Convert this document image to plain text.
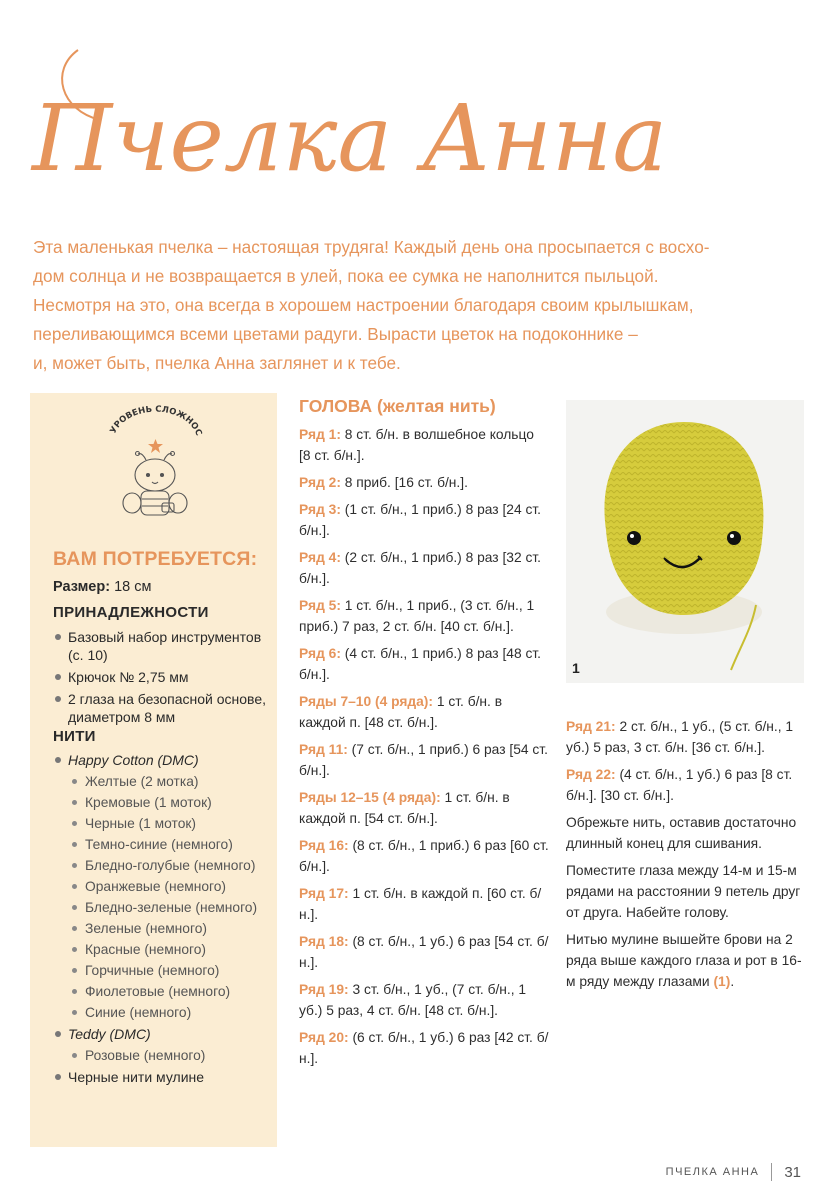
Пчелка Анна

Эта маленькая пчелка – настоящая трудяга! Каждый день она просыпается с восхо-

дом солнца и не возвращается в улей, пока ее сумка не наполнится пыльцой.

Несмотря на это, она всегда в хорошем настроении благодаря своим крылышкам,

переливающимся всеми цветами радуги. Вырасти цветок на подоконнике –

и, может быть, пчелка Анна заглянет и к тебе.

УРОВЕНЬ СЛОЖНОС
ВАМ ПОТРЕБУЕТСЯ:
Размер: 18 см
ПРИНАДЛЕЖНОСТИ
Базовый набор инструментов (с. 10)
Крючок № 2,75 мм
2 глаза на безопасной основе, диаметром 8 мм
НИТИ
Happy Cotton (DMC)
Желтые (2 мотка)
Кремовые (1 моток)
Черные (1 моток)
Темно-синие (немного)
Бледно-голубые (немного)
Оранжевые (немного)
Бледно-зеленые (немного)
Зеленые (немного)
Красные (немного)
Горчичные (немного)
Фиолетовые (немного)
Синие (немного)
Teddy (DMC)
Розовые (немного)
Черные нити мулине
ГОЛОВА (желтая нить)

Ряд 1: 8 ст. б/н. в волшебное кольцо [8 ст. б/н.].

Ряд 2: 8 приб. [16 ст. б/н.].

Ряд 3: (1 ст. б/н., 1 приб.) 8 раз [24 ст. б/н.].

Ряд 4: (2 ст. б/н., 1 приб.) 8 раз [32 ст. б/н.].

Ряд 5: 1 ст. б/н., 1 приб., (3 ст. б/н., 1 приб.) 7 раз, 2 ст. б/н. [40 ст. б/н.].

Ряд 6: (4 ст. б/н., 1 приб.) 8 раз [48 ст. б/н.].

Ряды 7–10 (4 ряда): 1 ст. б/н. в каждой п. [48 ст. б/н.].

Ряд 11: (7 ст. б/н., 1 приб.) 6 раз [54 ст. б/н.].

Ряды 12–15 (4 ряда): 1 ст. б/н. в каждой п. [54 ст. б/н.].

Ряд 16: (8 ст. б/н., 1 приб.) 6 раз [60 ст. б/н.].

Ряд 17: 1 ст. б/н. в каждой п. [60 ст. б/н.].

Ряд 18: (8 ст. б/н., 1 уб.) 6 раз [54 ст. б/н.].

Ряд 19: 3 ст. б/н., 1 уб., (7 ст. б/н., 1 уб.) 5 раз, 4 ст. б/н. [48 ст. б/н.].

Ряд 20: (6 ст. б/н., 1 уб.) 6 раз [42 ст. б/н.].

1

Ряд 21: 2 ст. б/н., 1 уб., (5 ст. б/н., 1 уб.) 5 раз, 3 ст. б/н. [36 ст. б/н.].

Ряд 22: (4 ст. б/н., 1 уб.) 6 раз [8 ст. б/н.]. [30 ст. б/н.].

Обрежьте нить, оставив достаточно длинный конец для сшивания.

Поместите глаза между 14-м и 15-м рядами на расстоянии 9 петель друг от друга. Набейте голову.

Нитью мулине вышейте брови на 2 ряда выше каждого глаза и рот в 16-м ряду между глазами (1).

ПЧЕЛКА АННА 31
